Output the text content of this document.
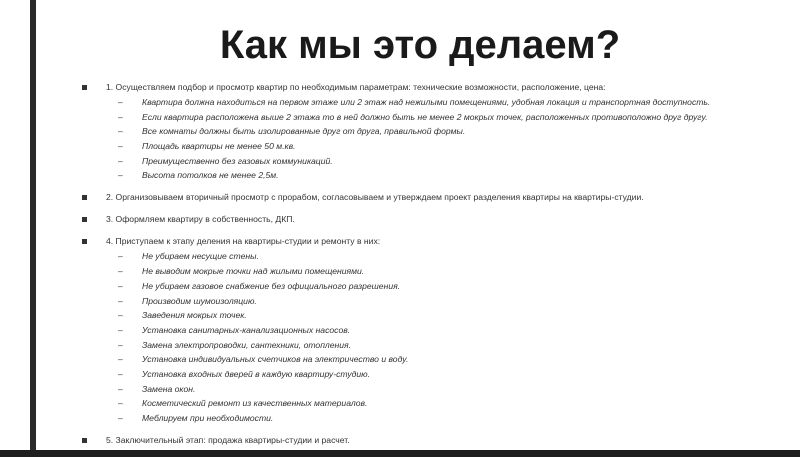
Как мы это делаем?
1. Осуществляем подбор и просмотр квартир по необходимым параметрам: технические возможности, расположение, цена:
– Квартира должна находиться на первом этаже или 2 этаж над нежилыми помещениями, удобная локация и транспортная доступность.
– Если квартира расположена выше 2 этажа то в ней должно быть не менее 2 мокрых точек, расположенных противоположно друг другу.
– Все комнаты должны быть изолированные друг от друга, правильной формы.
– Площадь квартиры не менее 50 м.кв.
– Преимущественно без газовых коммуникаций.
– Высота потолков не менее 2,5м.
2. Организовываем вторичный просмотр с прорабом, согласовываем и утверждаем проект разделения квартиры на квартиры-студии.
3. Оформляем квартиру в собственность, ДКП.
4. Приступаем к этапу деления на квартиры-студии и ремонту в них:
– Не убираем несущие стены.
– Не выводим мокрые точки над жилыми помещениями.
– Не убираем газовое снабжение без официального разрешения.
– Производим шумоизоляцию.
– Заведения мокрых точек.
– Установка санитарных-канализационных насосов.
– Замена электропроводки, сантехники, отопления.
– Установка индивидуальных счетчиков на электричество и воду.
– Установка входных дверей в каждую квартиру-студию.
– Замена окон.
– Косметический ремонт из качественных материалов.
– Меблируем при необходимости.
5. Заключительный этап: продажа квартиры-студии и расчет.
